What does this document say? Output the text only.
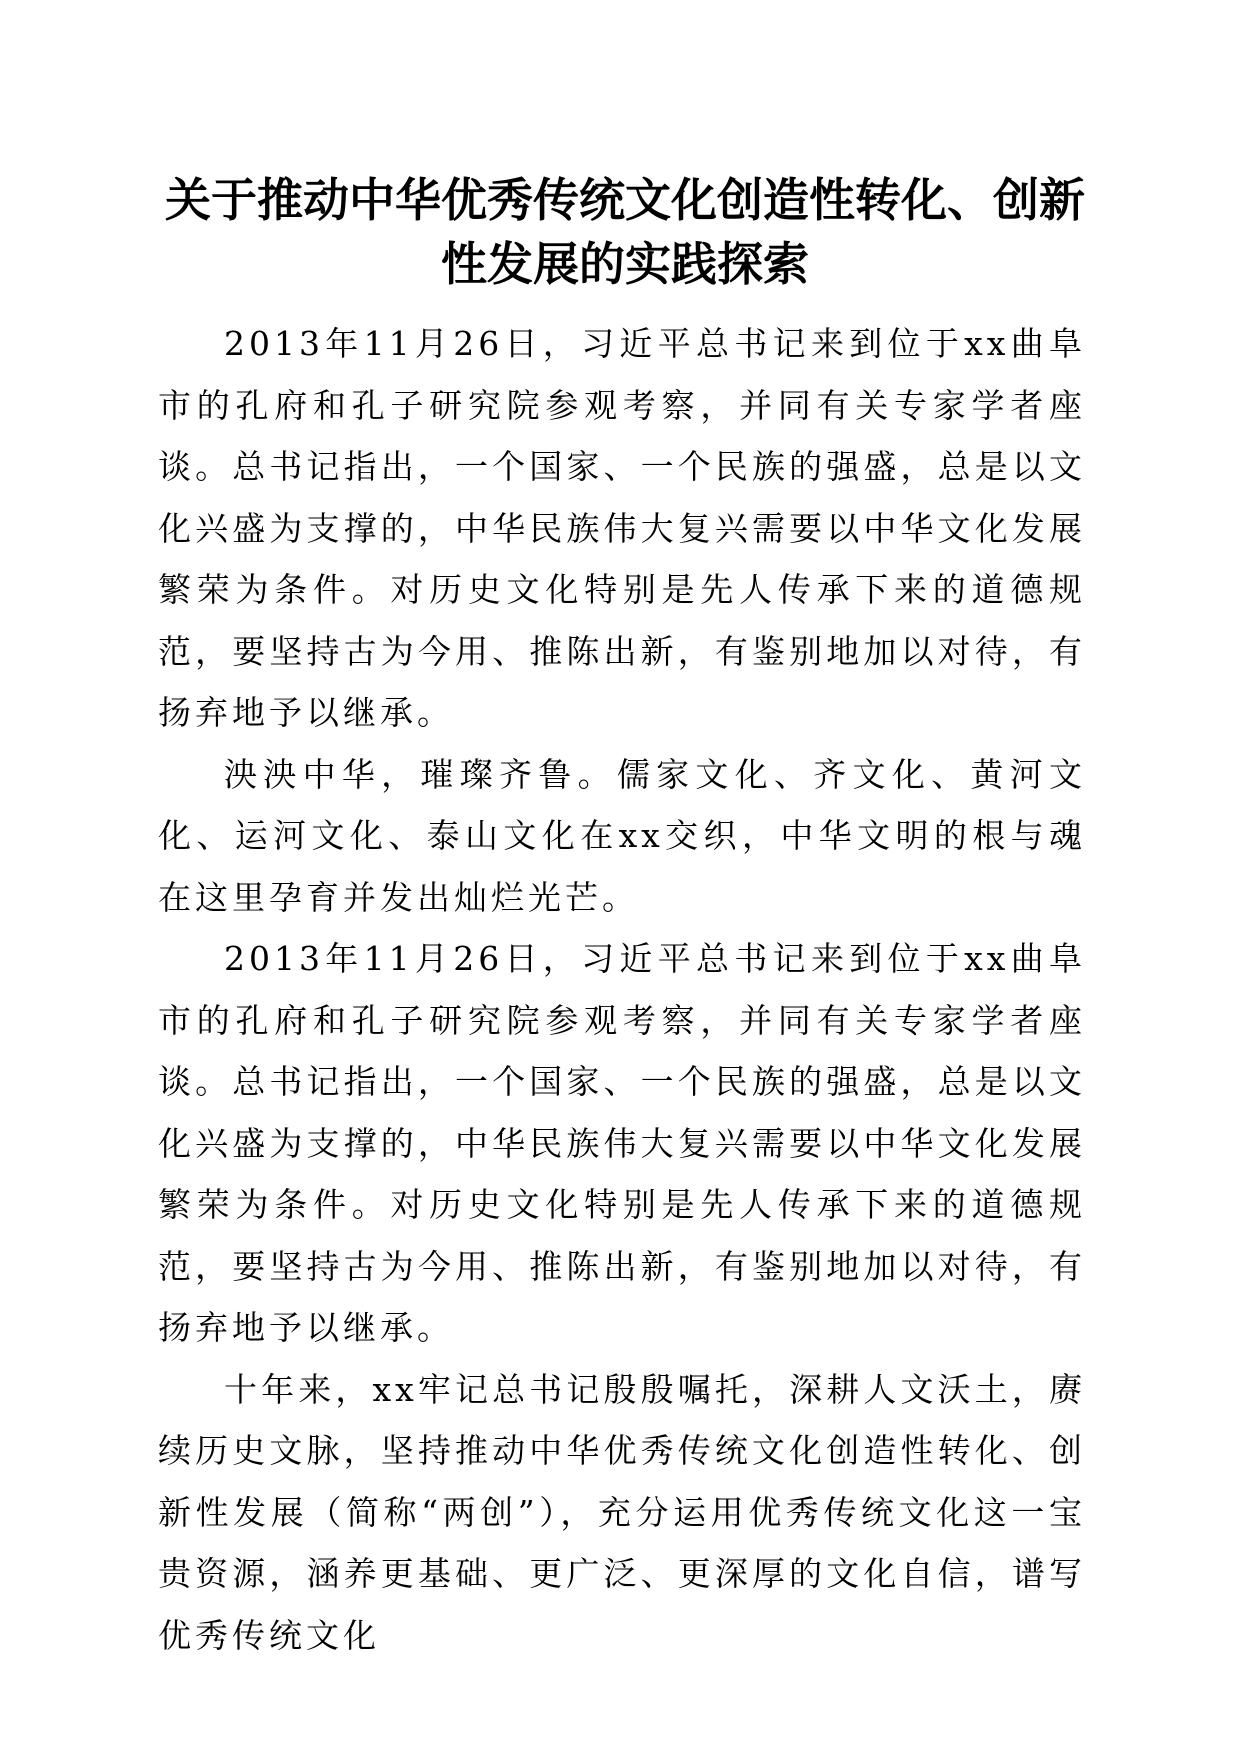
关于推动中华优秀传统文化创造性转化、创新性发展的实践探索

2013年11月26日，习近平总书记来到位于xx曲阜市的孔府和孔子研究院参观考察，并同有关专家学者座谈。总书记指出，一个国家、一个民族的强盛，总是以文化兴盛为支撑的，中华民族伟大复兴需要以中华文化发展繁荣为条件。对历史文化特别是先人传承下来的道德规范，要坚持古为今用、推陈出新，有鉴别地加以对待，有扬弃地予以继承。

泱泱中华，璀璨齐鲁。儒家文化、齐文化、黄河文化、运河文化、泰山文化在xx交织，中华文明的根与魂在这里孕育并发出灿烂光芒。

2013年11月26日，习近平总书记来到位于xx曲阜市的孔府和孔子研究院参观考察，并同有关专家学者座谈。总书记指出，一个国家、一个民族的强盛，总是以文化兴盛为支撑的，中华民族伟大复兴需要以中华文化发展繁荣为条件。对历史文化特别是先人传承下来的道德规范，要坚持古为今用、推陈出新，有鉴别地加以对待，有扬弃地予以继承。

十年来，xx牢记总书记殷殷嘱托，深耕人文沃土，赓续历史文脉，坚持推动中华优秀传统文化创造性转化、创新性发展（简称“两创”），充分运用优秀传统文化这一宝贵资源，涵养更基础、更广泛、更深厚的文化自信，谱写优秀传统文化
